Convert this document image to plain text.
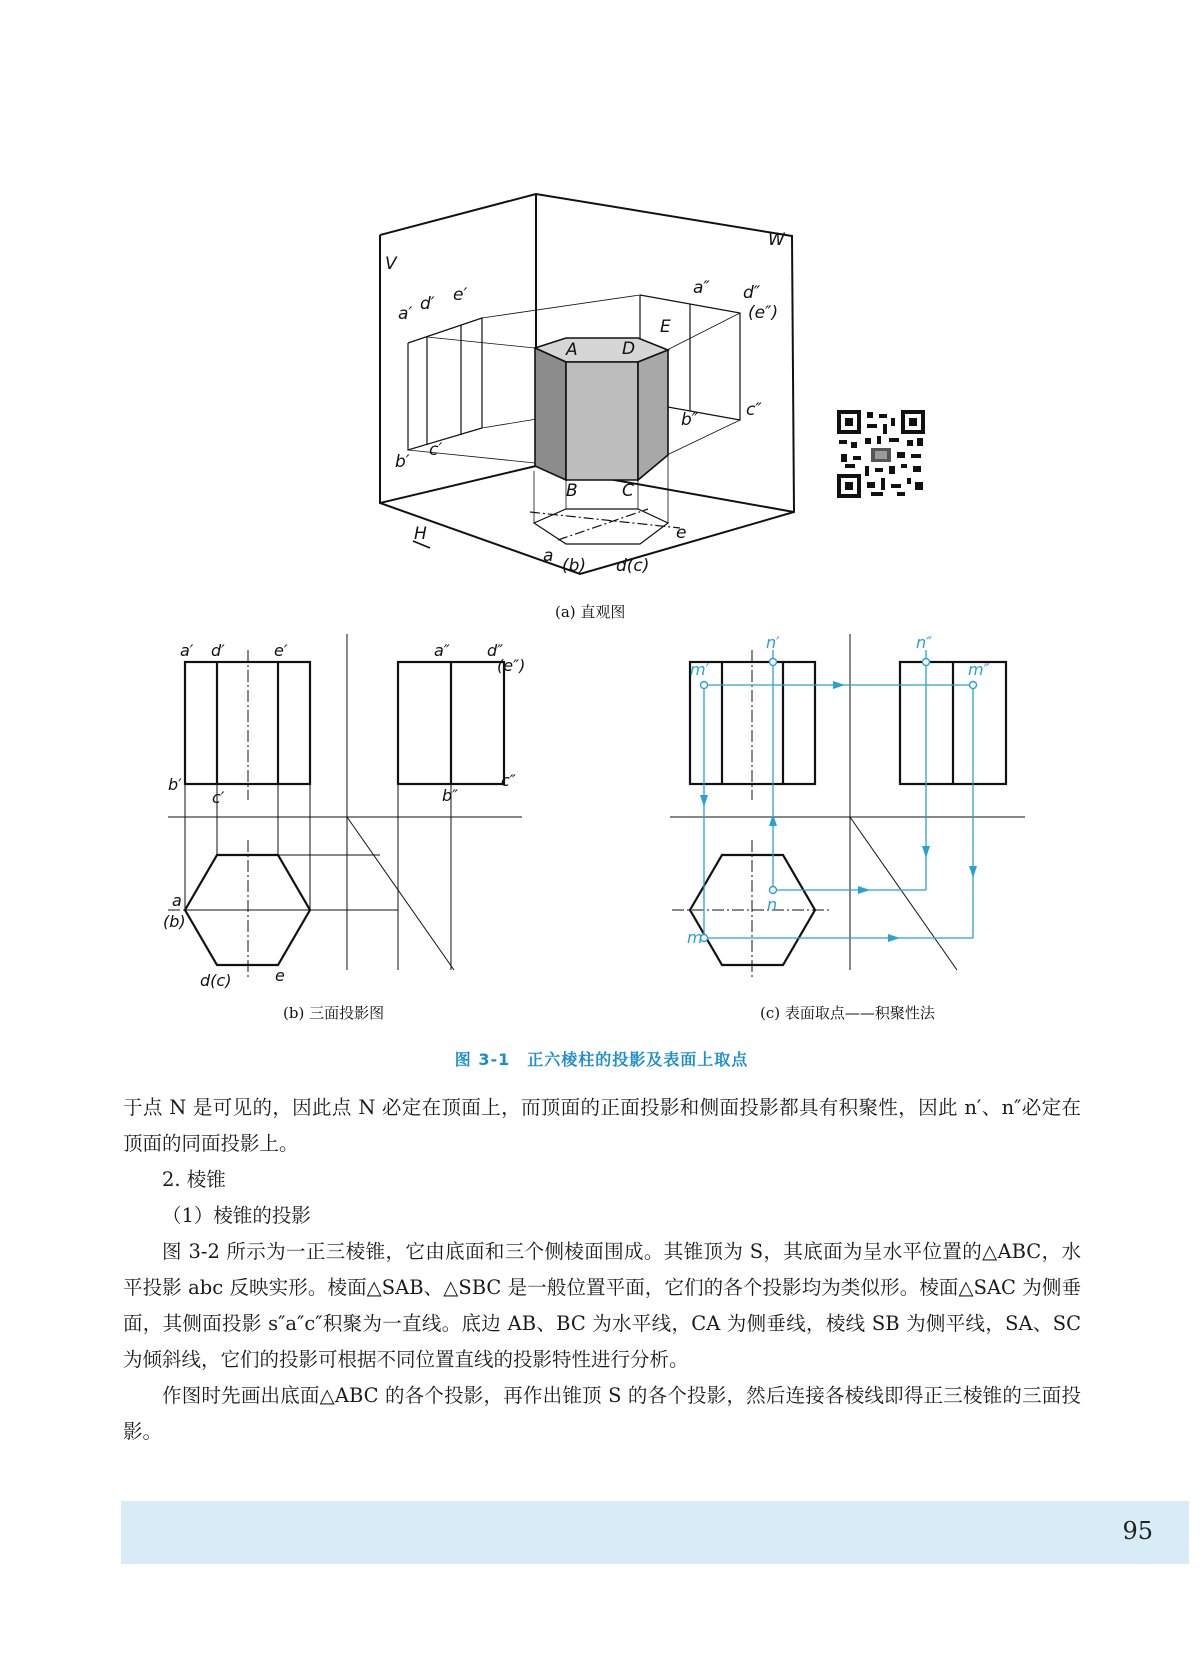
V
W
a′ d′ e′
b′
c′
a″ d″
(e″)
b″	c″
A	D
E
B	C
a (b) d(c)
e
H
(a) 直观图
a′ d′	e′
b′
c′
a″ d″
(e″)
b″
c″
a
(b)
d(c)	e
(b) 三面投影图
n′	n″
m′	m″
n
m
(c) 表面取点——积聚性法
图 3-1　正六棱柱的投影及表面上取点

于点 N 是可见的，因此点 N 必定在顶面上，而顶面的正面投影和侧面投影都具有积聚性，因此 n′、n″必定在顶面的同面投影上。

2. 棱锥

（1）棱锥的投影

图 3-2 所示为一正三棱锥，它由底面和三个侧棱面围成。其锥顶为 S，其底面为呈水平位置的△ABC，水平投影 abc 反映实形。棱面△SAB、△SBC 是一般位置平面，它们的各个投影均为类似形。棱面△SAC 为侧垂面，其侧面投影 s″a″c″积聚为一直线。底边 AB、BC 为水平线，CA 为侧垂线，棱线 SB 为侧平线，SA、SC 为倾斜线，它们的投影可根据不同位置直线的投影特性进行分析。

作图时先画出底面△ABC 的各个投影，再作出锥顶 S 的各个投影，然后连接各棱线即得正三棱锥的三面投影。

95
